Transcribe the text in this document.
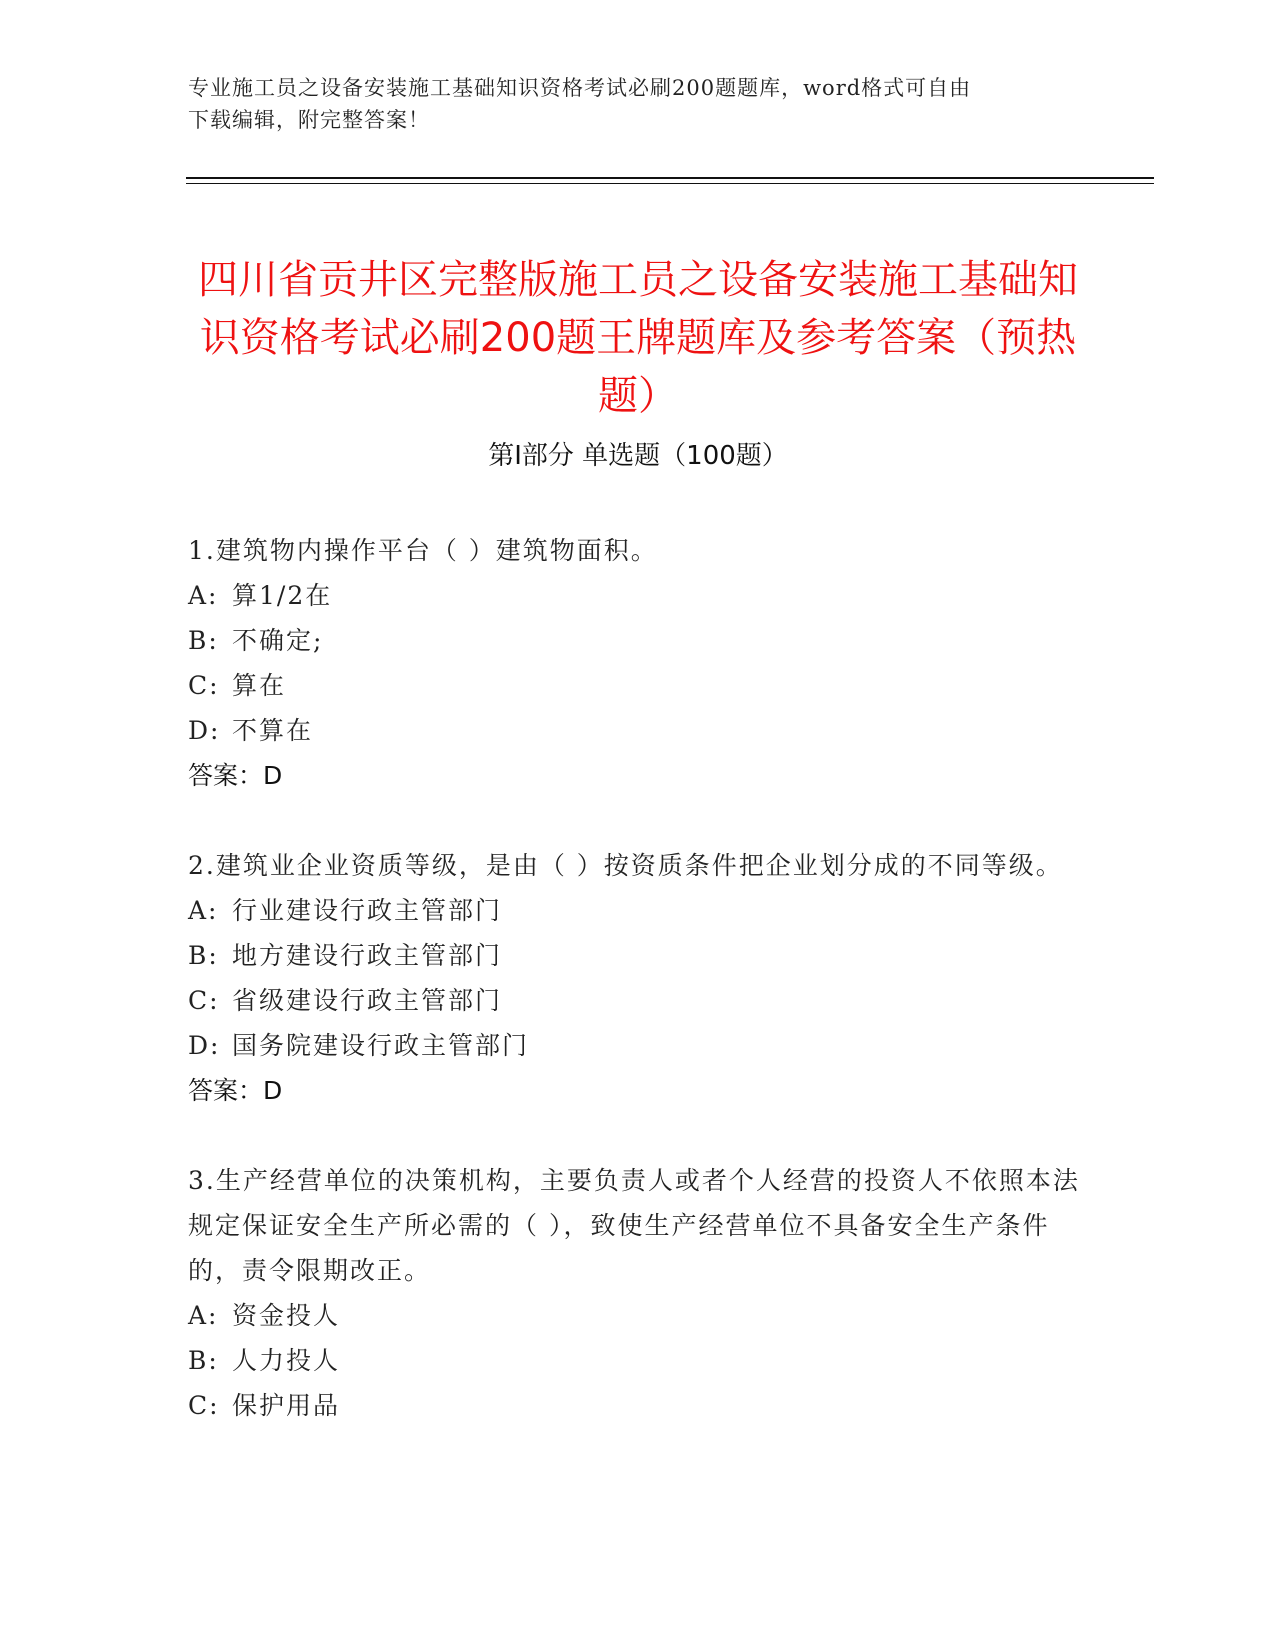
专业施工员之设备安装施工基础知识资格考试必刷200题题库，word格式可自由
下载编辑，附完整答案！
四川省贡井区完整版施工员之设备安装施工基础知识资格考试必刷200题王牌题库及参考答案（预热题）
第Ⅰ部分 单选题（100题）
1.建筑物内操作平台（ ）建筑物面积。
A: 算1/2在
B: 不确定;
C: 算在
D: 不算在
答案：D
2.建筑业企业资质等级，是由（ ）按资质条件把企业划分成的不同等级。
A: 行业建设行政主管部门
B: 地方建设行政主管部门
C: 省级建设行政主管部门
D: 国务院建设行政主管部门
答案：D
3.生产经营单位的决策机构，主要负责人或者个人经营的投资人不依照本法规定保证安全生产所必需的（ ），致使生产经营单位不具备安全生产条件的，责令限期改正。
A: 资金投人
B: 人力投人
C: 保护用品
